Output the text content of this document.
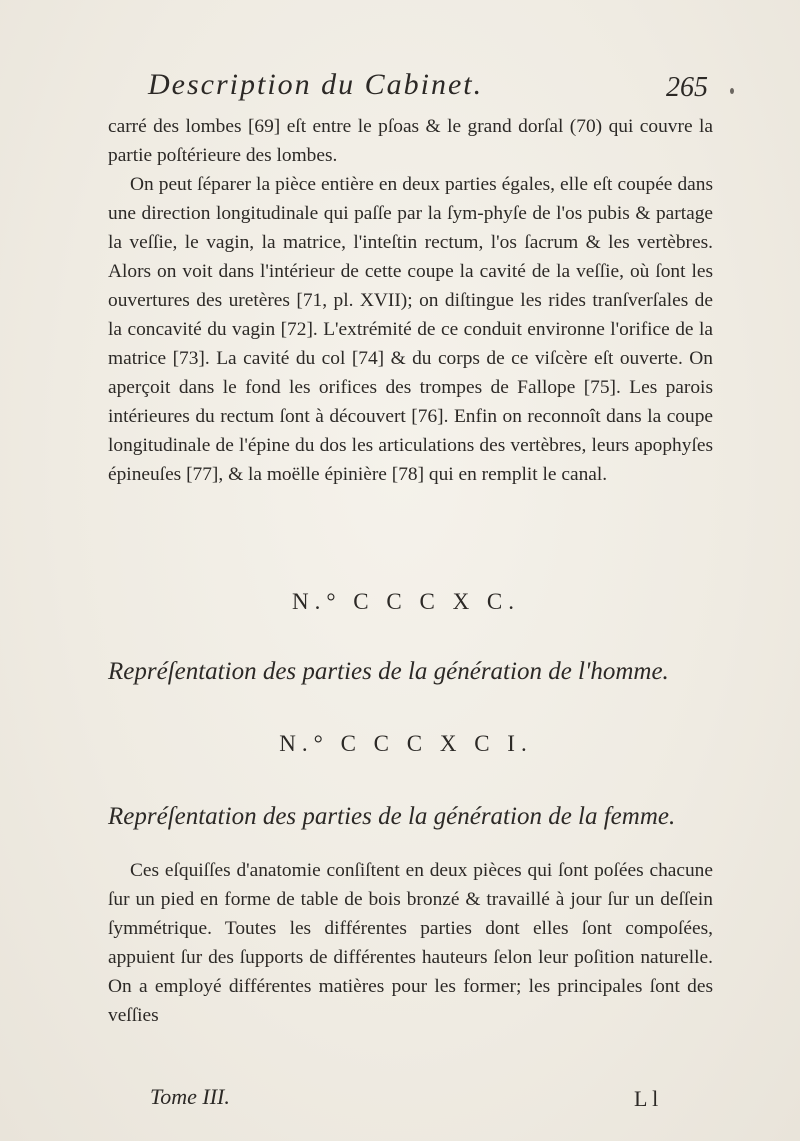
Description du Cabinet.	265

carré des lombes [69] eſt entre le pſoas & le grand dorſal (70) qui couvre la partie poſtérieure des lombes.

On peut ſéparer la pièce entière en deux parties égales, elle eſt coupée dans une direction longitudinale qui paſſe par la ſym-phyſe de l'os pubis & partage la veſſie, le vagin, la matrice, l'inteſtin rectum, l'os ſacrum & les vertèbres. Alors on voit dans l'intérieur de cette coupe la cavité de la veſſie, où ſont les ouvertures des uretères [71, pl. XVII); on diſtingue les rides tranſverſales de la concavité du vagin [72]. L'extrémité de ce conduit environne l'orifice de la matrice [73]. La cavité du col [74] & du corps de ce viſcère eſt ouverte. On aperçoit dans le fond les orifices des trompes de Fallope [75]. Les parois intérieures du rectum ſont à découvert [76]. Enfin on reconnoît dans la coupe longitudinale de l'épine du dos les articulations des vertèbres, leurs apophyſes épineuſes [77], & la moëlle épinière [78] qui en remplit le canal.

N.° C C C X C.
Repréſentation des parties de la génération de l'homme.
N.° C C C X C I.
Repréſentation des parties de la génération de la femme.

Ces eſquiſſes d'anatomie conſiſtent en deux pièces qui ſont poſées chacune ſur un pied en forme de table de bois bronzé & travaillé à jour ſur un deſſein ſymmétrique. Toutes les différentes parties dont elles ſont compoſées, appuient ſur des ſupports de différentes hauteurs ſelon leur poſition naturelle. On a employé différentes matières pour les former; les principales ſont des veſſies

Tome III.	L l
